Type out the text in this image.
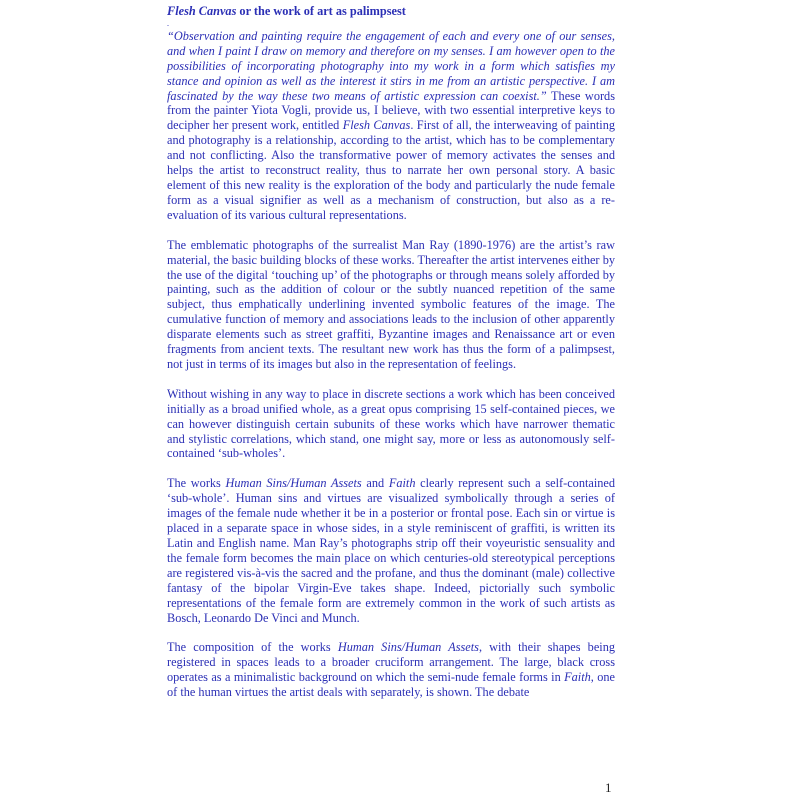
Flesh Canvas or the work of art as palimpsest
.

“Observation and painting require the engagement of each and every one of our senses, and when I paint I draw on memory and therefore on my senses. I am however open to the possibilities of incorporating photography into my work in a form which satisfies my stance and opinion as well as the interest it stirs in me from an artistic perspective. I am fascinated by the way these two means of artistic expression can coexist.” These words from the painter Yiota Vogli, provide us, I believe, with two essential interpretive keys to decipher her present work, entitled Flesh Canvas. First of all, the interweaving of painting and photography is a relationship, according to the artist, which has to be complementary and not conflicting. Also the transformative power of memory activates the senses and helps the artist to reconstruct reality, thus to narrate her own personal story. A basic element of this new reality is the exploration of the body and particularly the nude female form as a visual signifier as well as a mechanism of construction, but also as a re-evaluation of its various cultural representations.

The emblematic photographs of the surrealist Man Ray (1890-1976) are the artist’s raw material, the basic building blocks of these works. Thereafter the artist intervenes either by the use of the digital ‘touching up’ of the photographs or through means solely afforded by painting, such as the addition of colour or the subtly nuanced repetition of the same subject, thus emphatically underlining invented symbolic features of the image. The cumulative function of memory and associations leads to the inclusion of other apparently disparate elements such as street graffiti, Byzantine images and Renaissance art or even fragments from ancient texts. The resultant new work has thus the form of a palimpsest, not just in terms of its images but also in the representation of feelings.

Without wishing in any way to place in discrete sections a work which has been conceived initially as a broad unified whole, as a great opus comprising 15 self-contained pieces, we can however distinguish certain subunits of these works which have narrower thematic and stylistic correlations, which stand, one might say, more or less as autonomously self-contained ‘sub-wholes’.

The works Human Sins/Human Assets and Faith clearly represent such a self-contained ‘sub-whole’. Human sins and virtues are visualized symbolically through a series of images of the female nude whether it be in a posterior or frontal pose. Each sin or virtue is placed in a separate space in whose sides, in a style reminiscent of graffiti, is written its Latin and English name. Man Ray’s photographs strip off their voyeuristic sensuality and the female form becomes the main place on which centuries-old stereotypical perceptions are registered vis-à-vis the sacred and the profane, and thus the dominant (male) collective fantasy of the bipolar Virgin-Eve takes shape. Indeed, pictorially such symbolic representations of the female form are extremely common in the work of such artists as Bosch, Leonardo De Vinci and Munch.

The composition of the works Human Sins/Human Assets, with their shapes being registered in spaces leads to a broader cruciform arrangement. The large, black cross operates as a minimalistic background on which the semi-nude female forms in Faith, one of the human virtues the artist deals with separately, is shown. The debate

1
